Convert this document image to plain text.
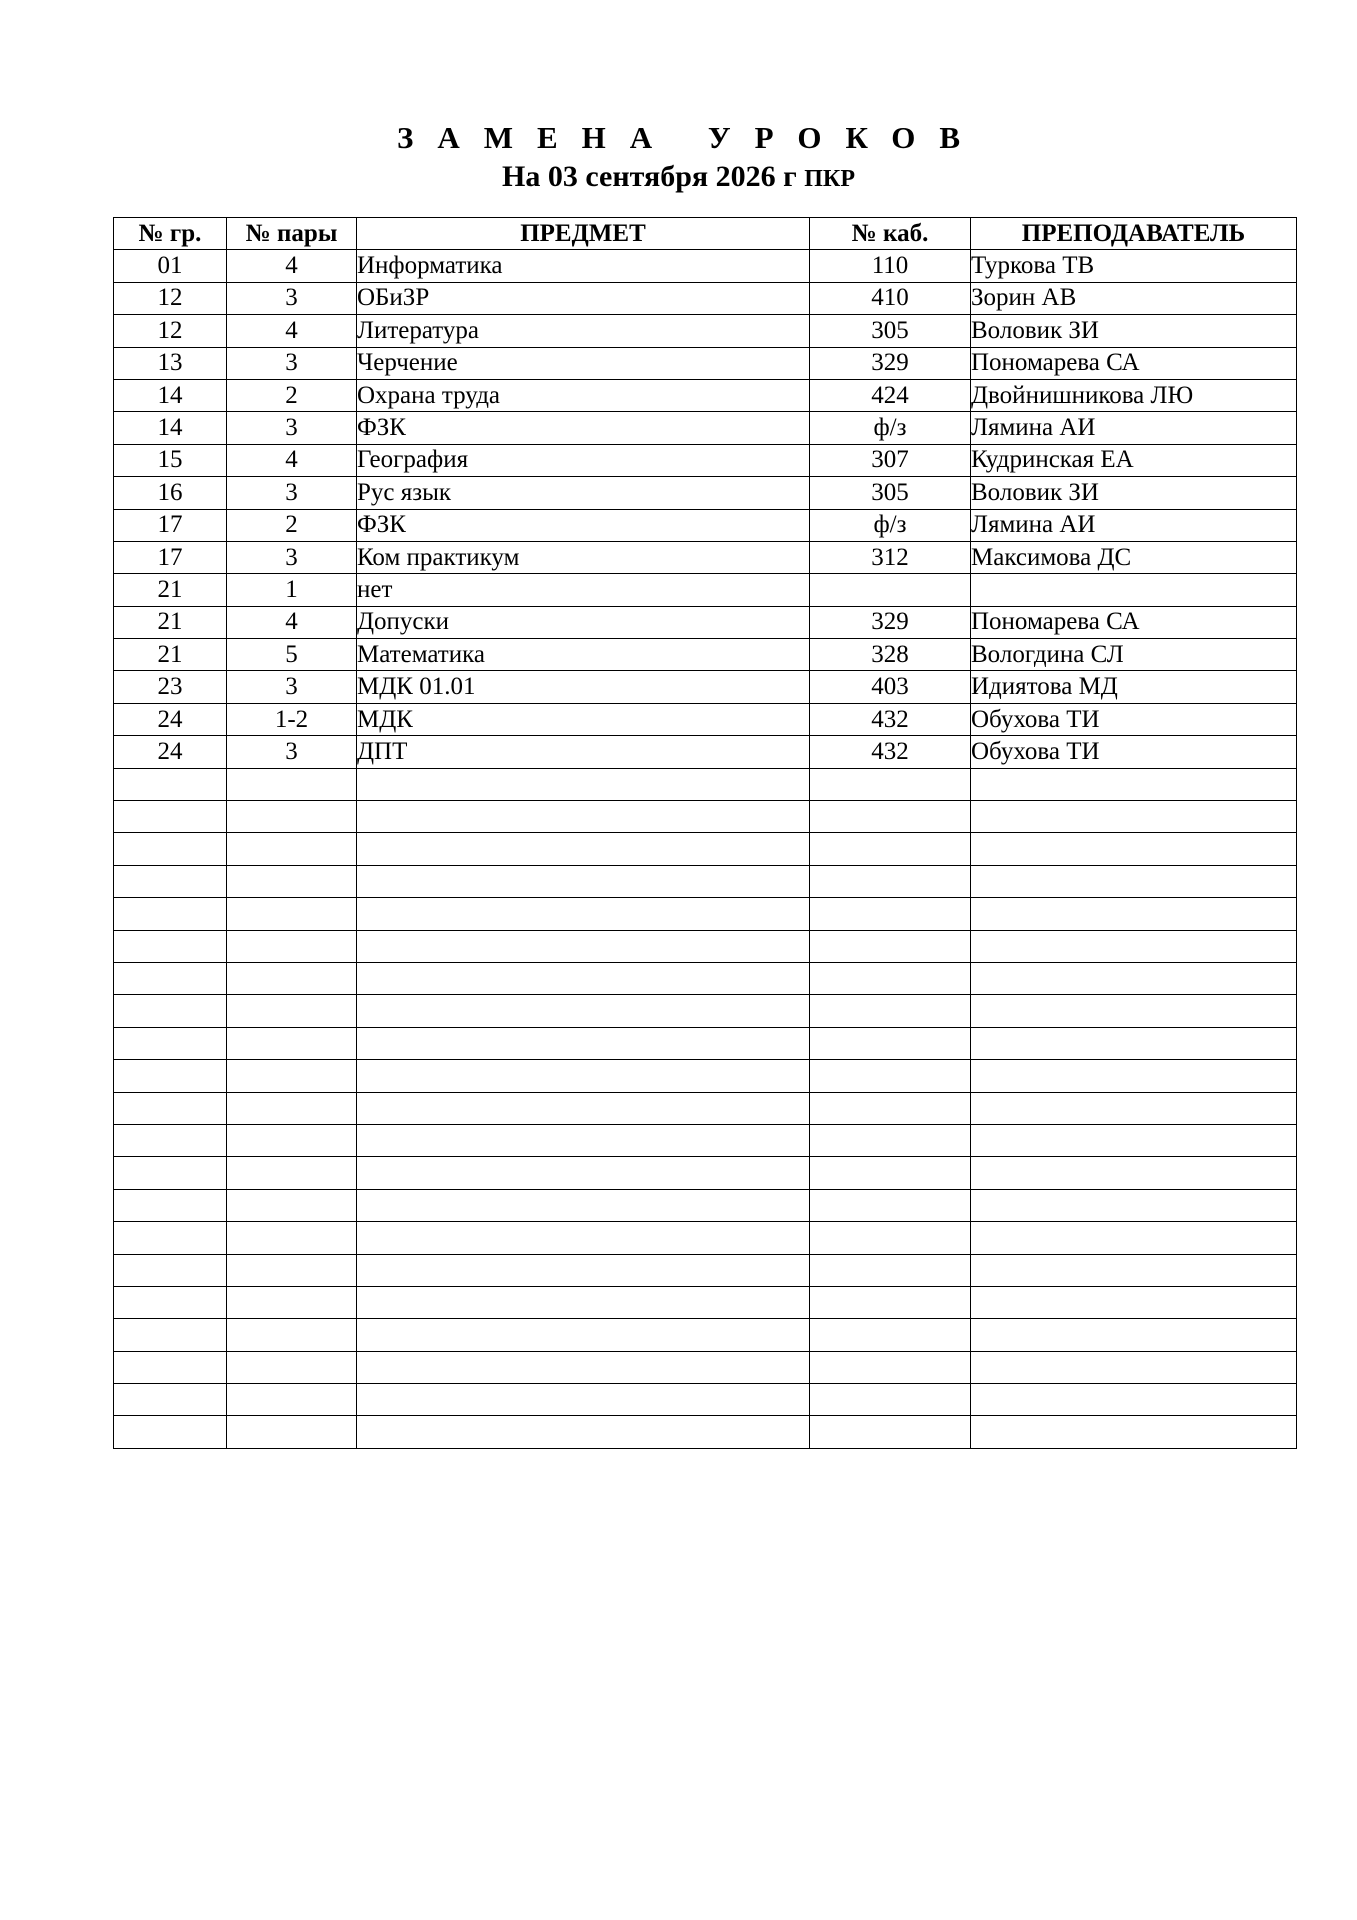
ЗАМЕНА УРОКОВ

На 03 сентября 2026 г ПКР

№ гр.	№ пары	ПРЕДМЕТ	№ каб.	ПРЕПОДАВАТЕЛЬ
01	4	Информатика	110	Туркова ТВ
12	3	ОБиЗР	410	Зорин АВ
12	4	Литература	305	Воловик ЗИ
13	3	Черчение	329	Пономарева СА
14	2	Охрана труда	424	Двойнишникова ЛЮ
14	3	ФЗК	ф/з	Лямина АИ
15	4	География	307	Кудринская ЕА
16	3	Рус язык	305	Воловик ЗИ
17	2	ФЗК	ф/з	Лямина АИ
17	3	Ком практикум	312	Максимова ДС
21	1	нет		
21	4	Допуски	329	Пономарева СА
21	5	Математика	328	Вологдина СЛ
23	3	МДК 01.01	403	Идиятова МД
24	1-2	МДК	432	Обухова ТИ
24	3	ДПТ	432	Обухова ТИ
